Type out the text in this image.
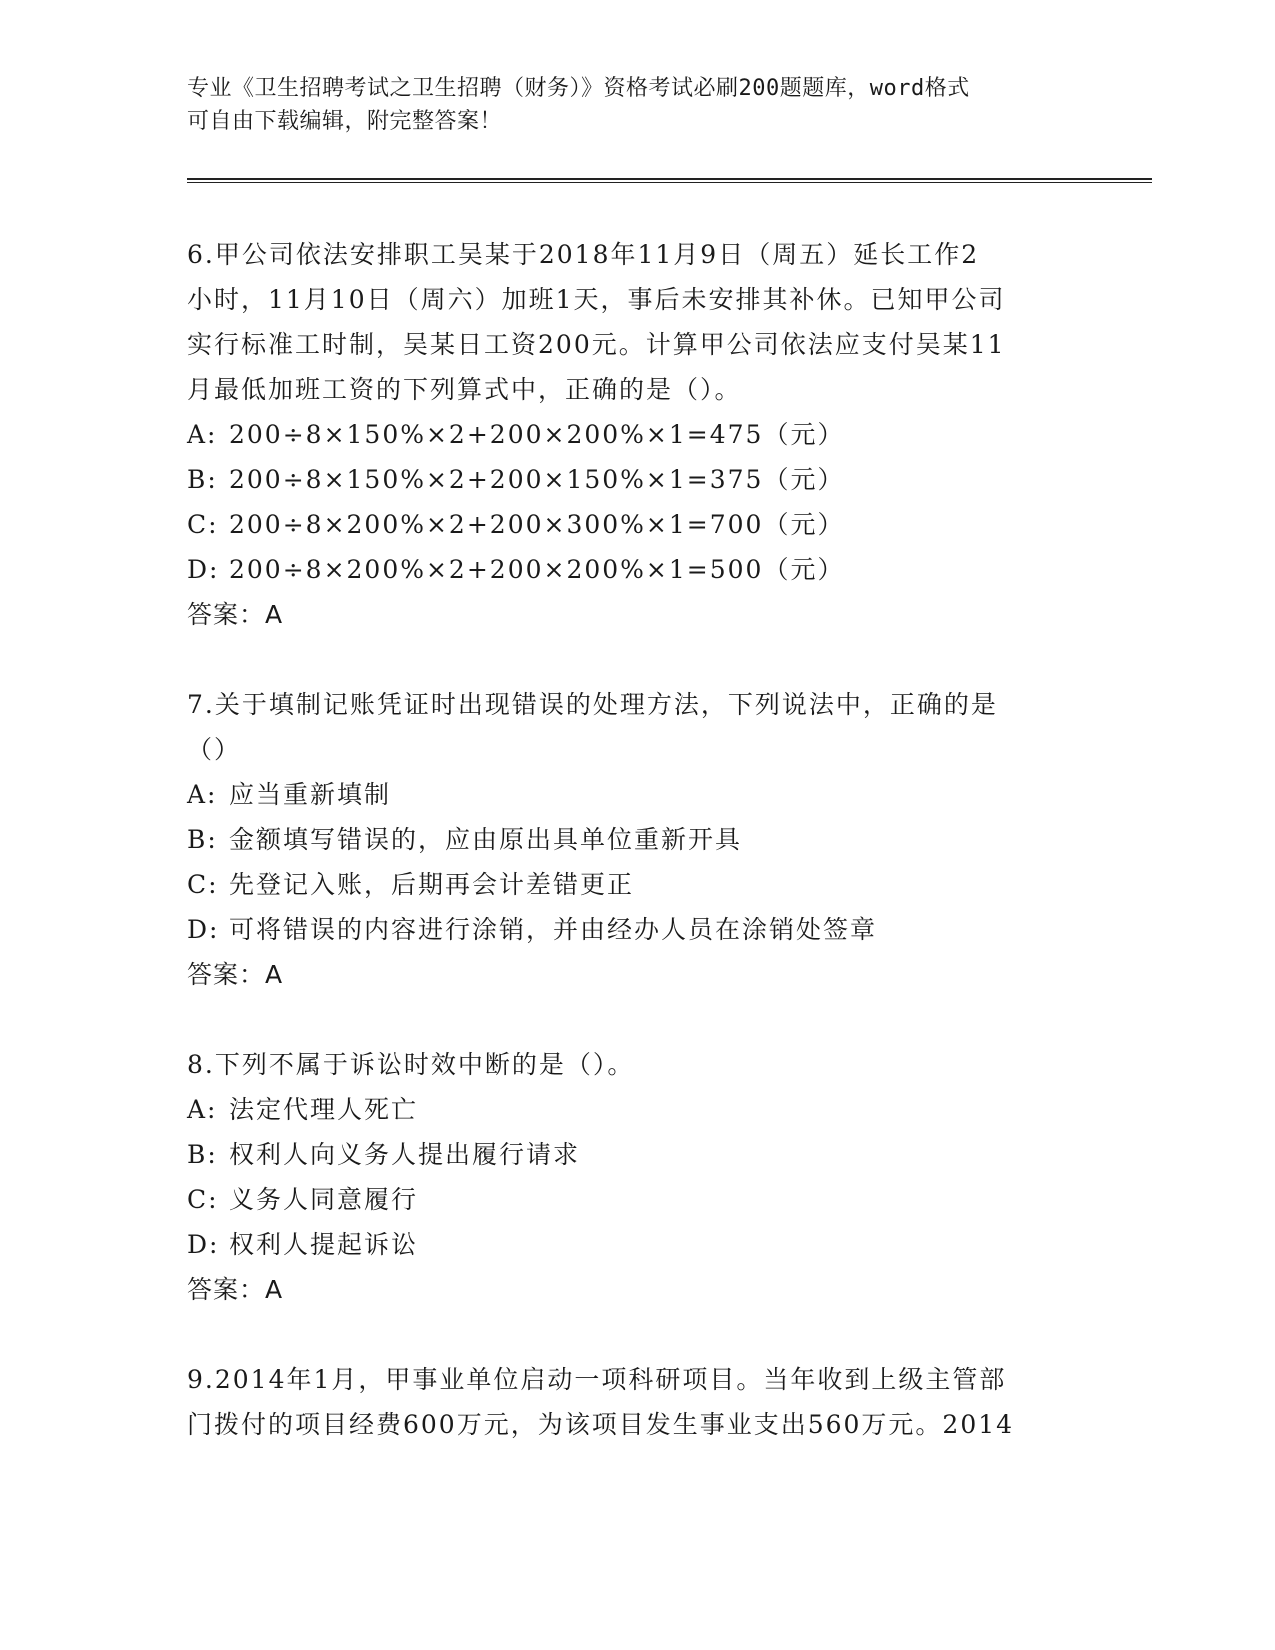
专业《卫生招聘考试之卫生招聘（财务）》资格考试必刷200题题库，word格式
可自由下载编辑，附完整答案！

6.甲公司依法安排职工吴某于2018年11月9日（周五）延长工作2

小时，11月10日（周六）加班1天，事后未安排其补休。已知甲公司

实行标准工时制，吴某日工资200元。计算甲公司依法应支付吴某11

月最低加班工资的下列算式中，正确的是（）。

A: 200÷8×150%×2+200×200%×1=475（元）

B: 200÷8×150%×2+200×150%×1=375（元）

C: 200÷8×200%×2+200×300%×1=700（元）

D: 200÷8×200%×2+200×200%×1=500（元）

答案：A

7.关于填制记账凭证时出现错误的处理方法，下列说法中，正确的是

（）

A: 应当重新填制

B: 金额填写错误的，应由原出具单位重新开具

C: 先登记入账，后期再会计差错更正

D: 可将错误的内容进行涂销，并由经办人员在涂销处签章

答案：A

8.下列不属于诉讼时效中断的是（）。

A: 法定代理人死亡

B: 权利人向义务人提出履行请求

C: 义务人同意履行

D: 权利人提起诉讼

答案：A

9.2014年1月，甲事业单位启动一项科研项目。当年收到上级主管部

门拨付的项目经费600万元，为该项目发生事业支出560万元。2014
